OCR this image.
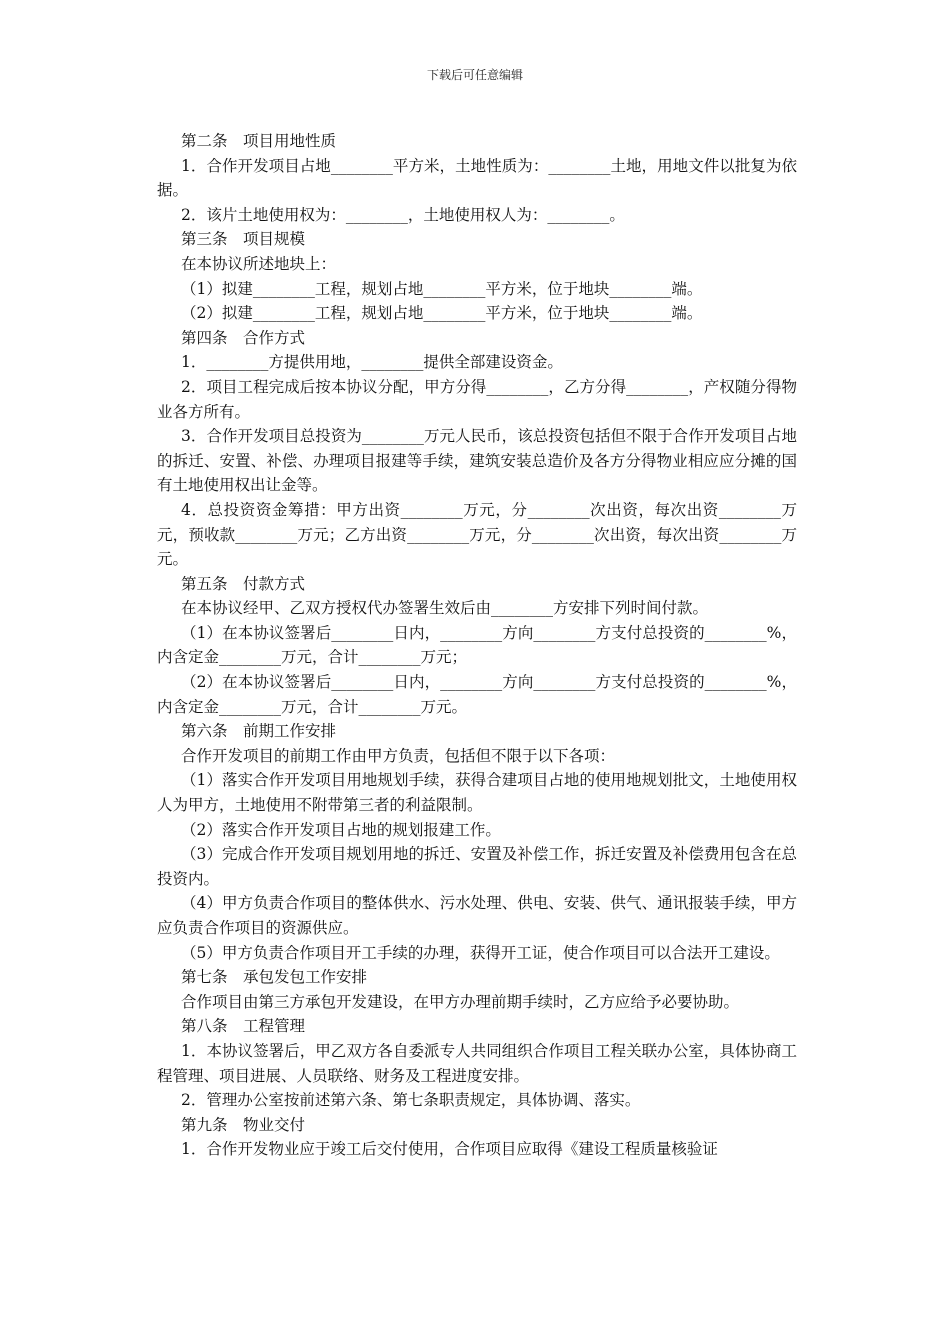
下载后可任意编辑

第二条　项目用地性质

1．合作开发项目占地________平方米，土地性质为：________土地，用地文件以批复为依据。

2．该片土地使用权为：________，土地使用权人为：________。

第三条　项目规模

在本协议所述地块上：

（1）拟建________工程，规划占地________平方米，位于地块________端。

（2）拟建________工程，规划占地________平方米，位于地块________端。

第四条　合作方式

1．________方提供用地，________提供全部建设资金。

2．项目工程完成后按本协议分配，甲方分得________，乙方分得________，产权随分得物业各方所有。

3．合作开发项目总投资为________万元人民币，该总投资包括但不限于合作开发项目占地的拆迁、安置、补偿、办理项目报建等手续，建筑安装总造价及各方分得物业相应应分摊的国有土地使用权出让金等。

4．总投资资金筹措：甲方出资________万元，分________次出资，每次出资________万元，预收款________万元；乙方出资________万元，分________次出资，每次出资________万元。

第五条　付款方式

在本协议经甲、乙双方授权代办签署生效后由________方安排下列时间付款。

（1）在本协议签署后________日内，________方向________方支付总投资的________%，内含定金________万元，合计________万元；

（2）在本协议签署后________日内，________方向________方支付总投资的________%，内含定金________万元，合计________万元。

第六条　前期工作安排

合作开发项目的前期工作由甲方负责，包括但不限于以下各项：

（1）落实合作开发项目用地规划手续，获得合建项目占地的使用地规划批文，土地使用权人为甲方，土地使用不附带第三者的利益限制。

（2）落实合作开发项目占地的规划报建工作。

（3）完成合作开发项目规划用地的拆迁、安置及补偿工作，拆迁安置及补偿费用包含在总投资内。

（4）甲方负责合作项目的整体供水、污水处理、供电、安装、供气、通讯报装手续，甲方应负责合作项目的资源供应。

（5）甲方负责合作项目开工手续的办理，获得开工证，使合作项目可以合法开工建设。

第七条　承包发包工作安排

合作项目由第三方承包开发建设，在甲方办理前期手续时，乙方应给予必要协助。

第八条　工程管理

1．本协议签署后，甲乙双方各自委派专人共同组织合作项目工程关联办公室，具体协商工程管理、项目进展、人员联络、财务及工程进度安排。

2．管理办公室按前述第六条、第七条职责规定，具体协调、落实。

第九条　物业交付

1．合作开发物业应于竣工后交付使用，合作项目应取得《建设工程质量核验证
